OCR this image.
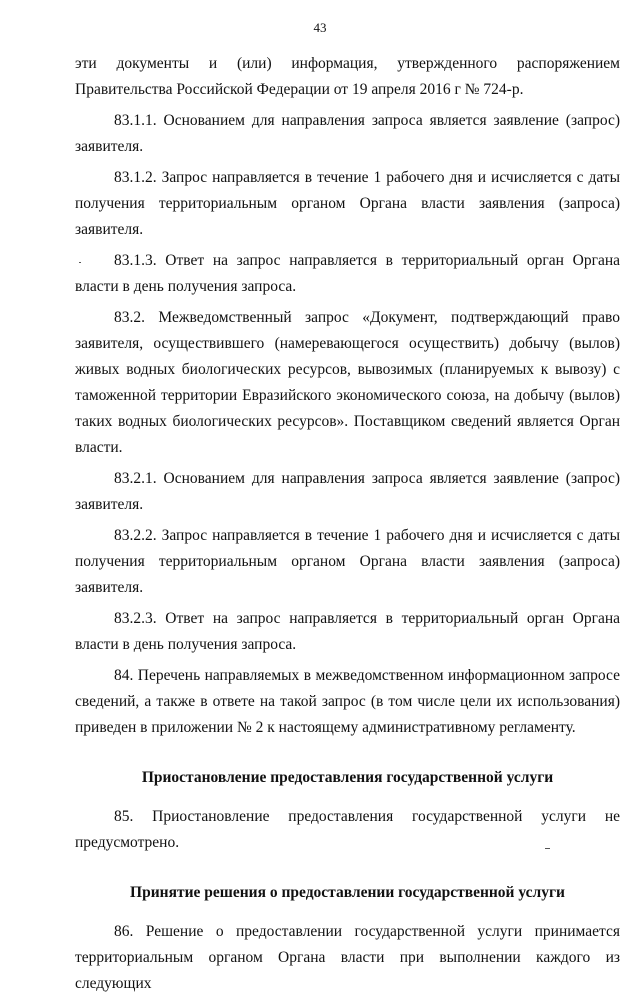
43

эти документы и (или) информация, утвержденного распоряжением Правительства Российской Федерации от 19 апреля 2016 г № 724-р.

83.1.1. Основанием для направления запроса является заявление (запрос) заявителя.

83.1.2. Запрос направляется в течение 1 рабочего дня и исчисляется с даты получения территориальным органом Органа власти заявления (запроса) заявителя.

83.1.3. Ответ на запрос направляется в территориальный орган Органа власти в день получения запроса.

83.2. Межведомственный запрос «Документ, подтверждающий право заявителя, осуществившего (намеревающегося осуществить) добычу (вылов) живых водных биологических ресурсов, вывозимых (планируемых к вывозу) с таможенной территории Евразийского экономического союза, на добычу (вылов) таких водных биологических ресурсов». Поставщиком сведений является Орган власти.

83.2.1. Основанием для направления запроса является заявление (запрос) заявителя.

83.2.2. Запрос направляется в течение 1 рабочего дня и исчисляется с даты получения территориальным органом Органа власти заявления (запроса) заявителя.

83.2.3. Ответ на запрос направляется в территориальный орган Органа власти в день получения запроса.

84. Перечень направляемых в межведомственном информационном запросе сведений, а также в ответе на такой запрос (в том числе цели их использования) приведен в приложении № 2 к настоящему административному регламенту.

Приостановление предоставления государственной услуги

85. Приостановление предоставления государственной услуги не предусмотрено.

Принятие решения о предоставлении государственной услуги

86. Решение о предоставлении государственной услуги принимается территориальным органом Органа власти при выполнении каждого из следующих
